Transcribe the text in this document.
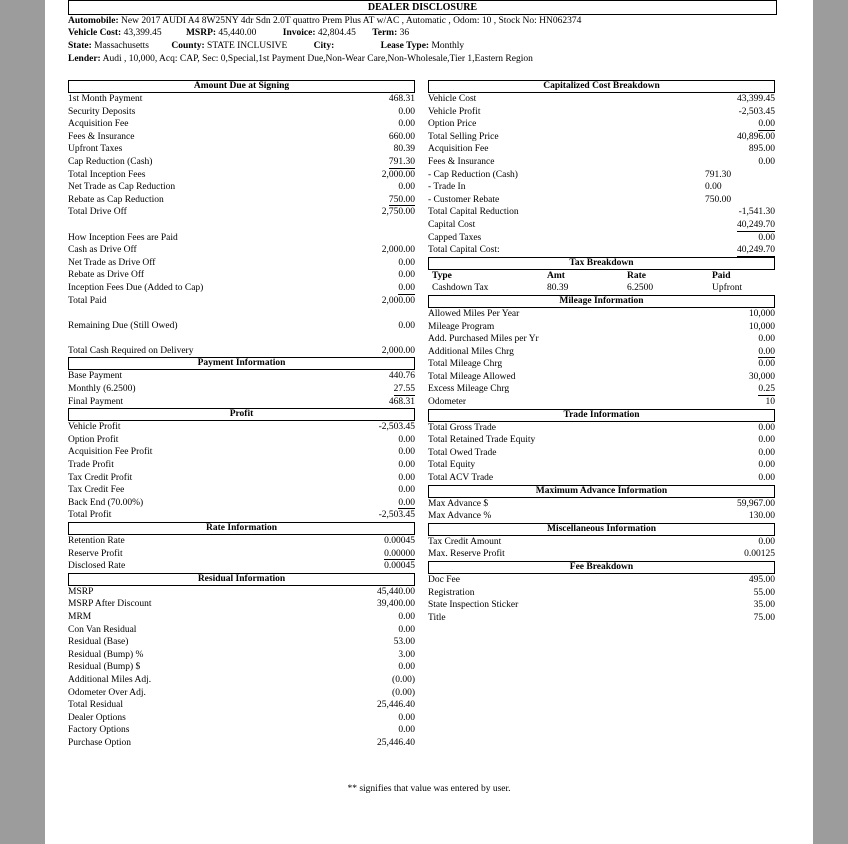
DEALER DISCLOSURE
Automobile: New 2017 AUDI A4 8W25NY 4dr Sdn 2.0T quattro Prem Plus AT w/AC , Automatic , Odom: 10 , Stock No: HN062374
Vehicle Cost: 43,399.45	MSRP: 45,440.00	Invoice: 42,804.45 Term: 36
State: Massachusetts County: STATE INCLUSIVE	City:	Lease Type: Monthly
Lender: Audi , 10,000, Acq: CAP, Sec: 0,Special,1st Payment Due,Non-Wear Care,Non-Wholesale,Tier 1,Eastern Region
Amount Due at Signing
1st Month Payment	468.31
Security Deposits	0.00
Acquisition Fee	0.00
Fees & Insurance	660.00
Upfront Taxes	80.39
Cap Reduction (Cash)	791.30
Total Inception Fees	2,000.00
Net Trade as Cap Reduction	0.00
Rebate as Cap Reduction	750.00
Total Drive Off	2,750.00
How Inception Fees are Paid
Cash as Drive Off	2,000.00
Net Trade as Drive Off	0.00
Rebate as Drive Off	0.00
Inception Fees Due (Added to Cap)	0.00
Total Paid	2,000.00
Remaining Due (Still Owed)	0.00
Total Cash Required on Delivery	2,000.00
Payment Information
Base Payment	440.76
Monthly (6.2500)	27.55
Final Payment	468.31
Profit
Vehicle Profit	-2,503.45
Option Profit	0.00
Acquisition Fee Profit	0.00
Trade Profit	0.00
Tax Credit Profit	0.00
Tax Credit Fee	0.00
Back End (70.00%)	0.00
Total Profit	-2,503.45
Rate Information
Retention Rate	0.00045
Reserve Profit	0.00000
Disclosed Rate	0.00045
Residual Information
MSRP	45,440.00
MSRP After Discount	39,400.00
MRM	0.00
Con Van Residual	0.00
Residual (Base)	53.00
Residual (Bump) %	3.00
Residual (Bump) $	0.00
Additional Miles Adj.	(0.00)
Odometer Over Adj.	(0.00)
Total Residual	25,446.40
Dealer Options	0.00
Factory Options	0.00
Purchase Option	25,446.40
Capitalized Cost Breakdown
Vehicle Cost	43,399.45
Vehicle Profit	-2,503.45
Option Price	0.00
Total Selling Price	40,896.00
Acquisition Fee	895.00
Fees & Insurance	0.00
- Cap Reduction (Cash)	791.30
- Trade In	0.00
- Customer Rebate	750.00
Total Capital Reduction	-1,541.30
Capital Cost	40,249.70
Capped Taxes	0.00
Total Capital Cost:	40,249.70
Tax Breakdown
Type	Amt	Rate	Paid
Cashdown Tax	80.39	6.2500	Upfront
Mileage Information
Allowed Miles Per Year	10,000
Mileage Program	10,000
Add. Purchased Miles per Yr	0.00
Additional Miles Chrg	0.00
Total Mileage Chrg	0.00
Total Mileage Allowed	30,000
Excess Mileage Chrg	0.25
Odometer	10
Trade Information
Total Gross Trade	0.00
Total Retained Trade Equity	0.00
Total Owed Trade	0.00
Total Equity	0.00
Total ACV Trade	0.00
Maximum Advance Information
Max Advance $	59,967.00
Max Advance %	130.00
Miscellaneous Information
Tax Credit Amount	0.00
Max. Reserve Profit	0.00125
Fee Breakdown
Doc Fee	495.00
Registration	55.00
State Inspection Sticker	35.00
Title	75.00
** signifies that value was entered by user.
